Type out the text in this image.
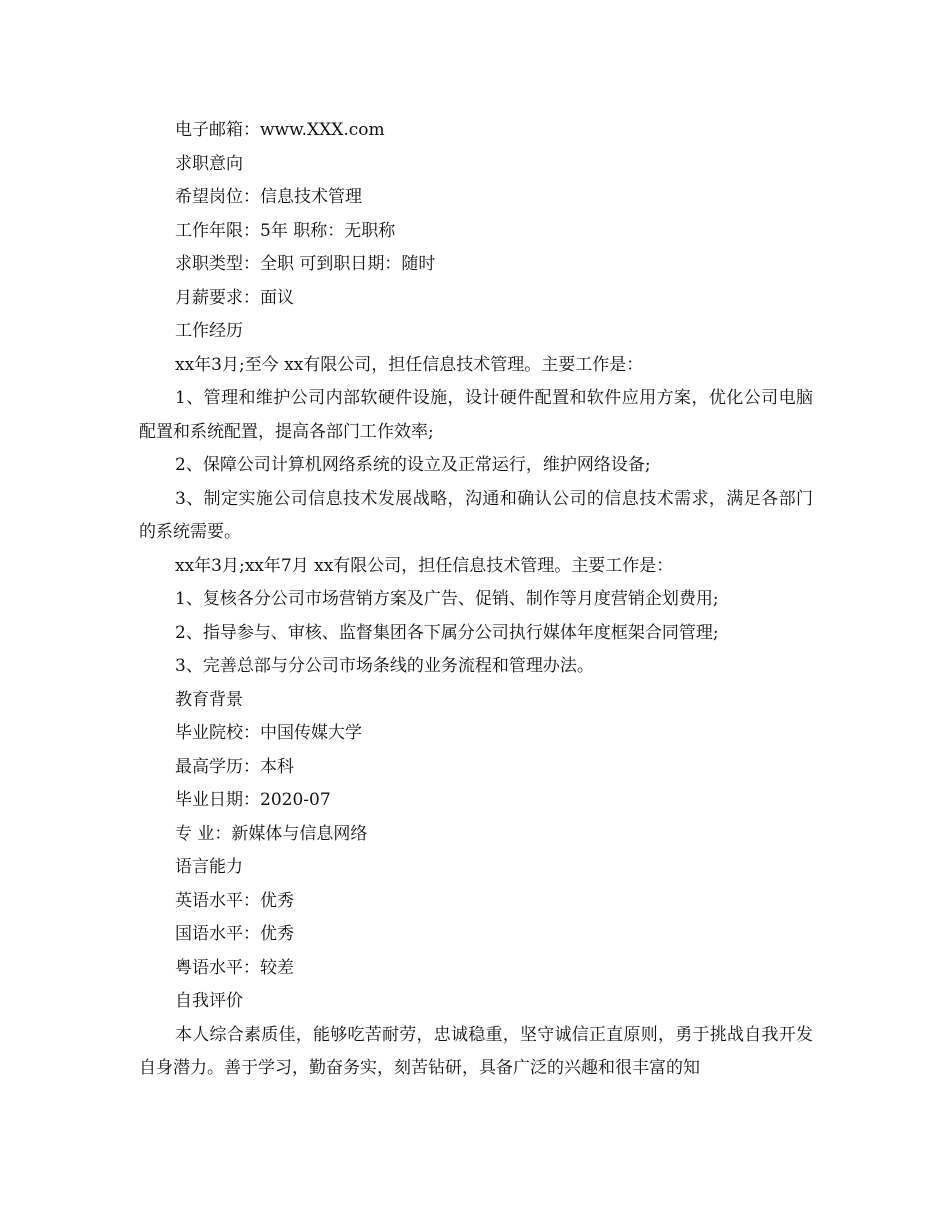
电子邮箱：www.XXX.com

求职意向

希望岗位：信息技术管理

工作年限：5年 职称：无职称

求职类型：全职 可到职日期：随时

月薪要求：面议

工作经历

xx年3月;至今 xx有限公司，担任信息技术管理。主要工作是：

1、管理和维护公司内部软硬件设施，设计硬件配置和软件应用方案，优化公司电脑配置和系统配置，提高各部门工作效率;

2、保障公司计算机网络系统的设立及正常运行，维护网络设备;

3、制定实施公司信息技术发展战略，沟通和确认公司的信息技术需求，满足各部门的系统需要。

xx年3月;xx年7月 xx有限公司，担任信息技术管理。主要工作是：

1、复核各分公司市场营销方案及广告、促销、制作等月度营销企划费用;

2、指导参与、审核、监督集团各下属分公司执行媒体年度框架合同管理;

3、完善总部与分公司市场条线的业务流程和管理办法。

教育背景

毕业院校：中国传媒大学

最高学历：本科

毕业日期：2020-07

专 业：新媒体与信息网络

语言能力

英语水平：优秀

国语水平：优秀

粤语水平：较差

自我评价

本人综合素质佳，能够吃苦耐劳，忠诚稳重，坚守诚信正直原则，勇于挑战自我开发自身潜力。善于学习，勤奋务实，刻苦钻研，具备广泛的兴趣和很丰富的知
